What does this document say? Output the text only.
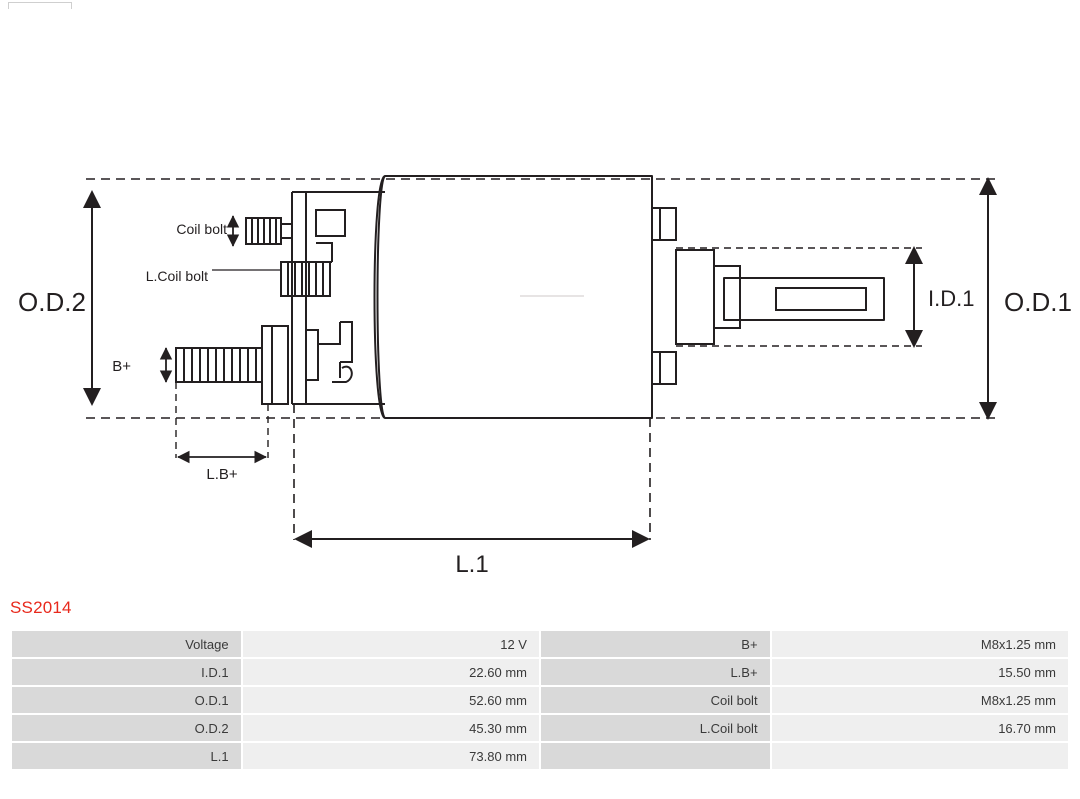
O.D.2	O.D.1
I.D.1
L.1
B+
L.B+
Coil bolt
L.Coil bolt
SS2014
Voltage	12 V	B+	M8x1.25 mm
I.D.1	22.60 mm	L.B+	15.50 mm
O.D.1	52.60 mm	Coil bolt	M8x1.25 mm
O.D.2	45.30 mm	L.Coil bolt	16.70 mm
L.1	73.80 mm		
